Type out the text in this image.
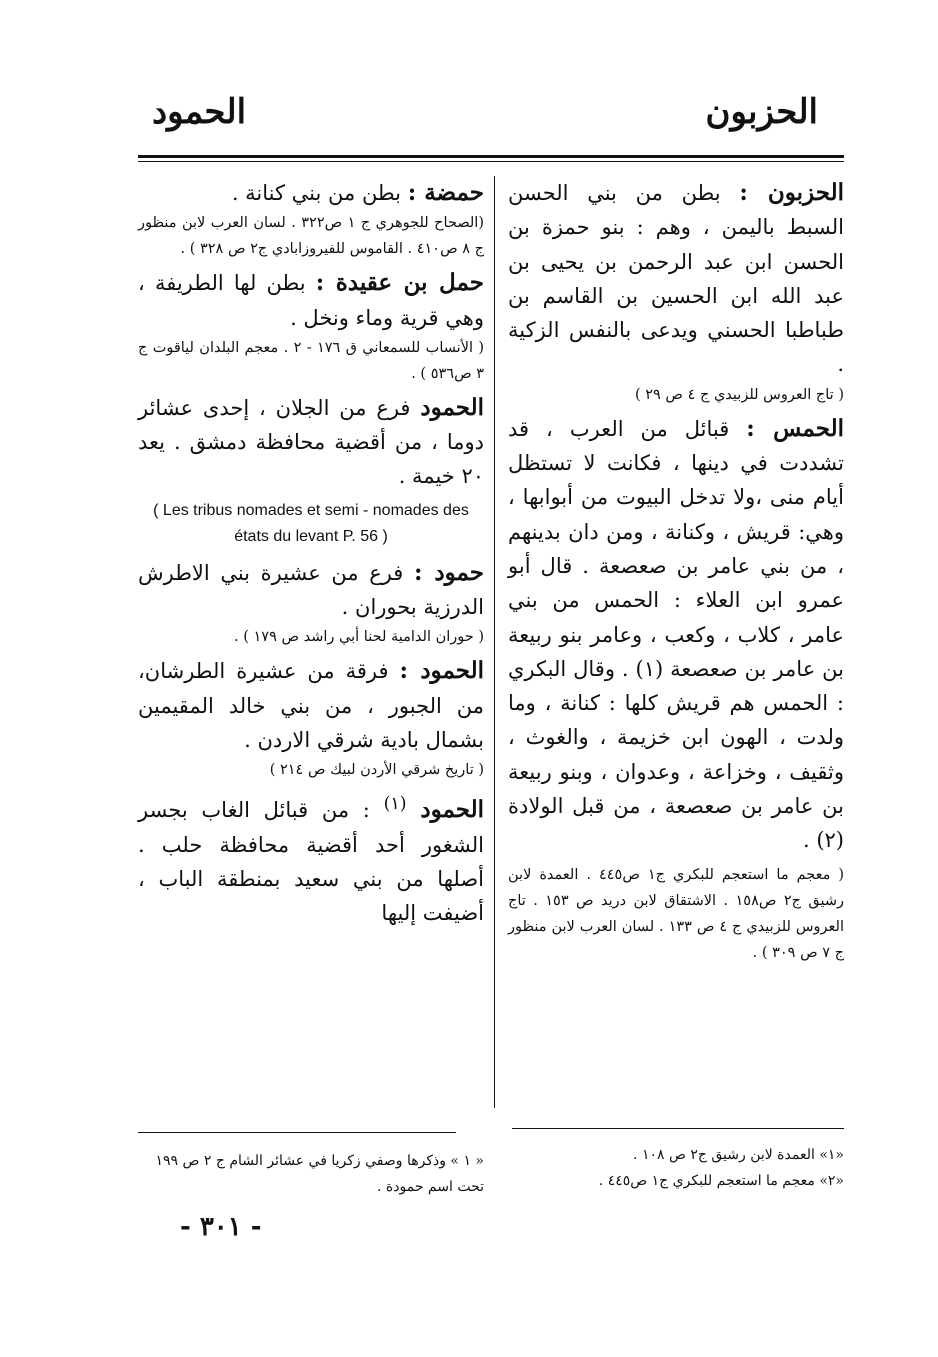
الحزبون
الحمود

الحزبون : بطن من بني الحسن السبط باليمن ، وهم : بنو حمزة بن الحسن ابن عبد الرحمن بن يحيى بن عبد الله ابن الحسين بن القاسم بن طباطبا الحسني ويدعى بالنفس الزكية .

( تاج العروس للزبيدي ج ٤ ص ٢٩ )

الحمس : قبائل من العرب ، قد تشددت في دينها ، فكانت لا تستظل أيام منى ،ولا تدخل البيوت من أبوابها ، وهي: قريش ، وكنانة ، ومن دان بدينهم ، من بني عامر بن صعصعة . قال أبو عمرو ابن العلاء : الحمس من بني عامر ، كلاب ، وكعب ، وعامر بنو ربيعة بن عامر بن صعصعة (١) . وقال البكري : الحمس هم قريش كلها : كنانة ، وما ولدت ، الهون ابن خزيمة ، والغوث ، وثقيف ، وخزاعة ، وعدوان ، وبنو ربيعة بن عامر بن صعصعة ، من قبل الولادة (٢) .

( معجم ما استعجم للبكري ج١ ص٤٤٥ . العمدة لابن رشيق ج٢ ص١٥٨ . الاشتقاق لابن دريد ص ١٥٣ . تاج العروس للزبيدي ج ٤ ص ١٣٣ . لسان العرب لابن منظور ج ٧ ص ٣٠٩ ) .

حمضة : بطن من بني كنانة .

(الصحاح للجوهري ج ١ ص٣٢٢ . لسان العرب لابن منظور ج ٨ ص٤١٠ . القاموس للفيروزابادي ج٢ ص ٣٢٨ ) .

حمل بن عقيدة : بطن لها الطريفة ، وهي قرية وماء ونخل .

( الأنساب للسمعاني ق ١٧٦ - ٢ . معجم البلدان لياقوت ج ٣ ص٥٣٦ ) .

الحمود فرع من الجلان ، إحدى عشائر دوما ، من أقضية محافظة دمشق . يعد ٢٠ خيمة .

( Les tribus nomades et semi - nomades des états du levant P. 56 )

حمود : فرع من عشيرة بني الاطرش الدرزية بحوران .

( حوران الدامية لحنا أبي راشد ص ١٧٩ ) .

الحمود : فرقة من عشيرة الطرشان، من الجبور ، من بني خالد المقيمين بشمال بادية شرقي الاردن .

( تاريخ شرقي الأردن لبيك ص ٢١٤ )

الحمود $^{(١)}$ : من قبائل الغاب بجسر الشغور أحد أقضية محافظة حلب . أصلها من بني سعيد بمنطقة الباب ، أضيفت إليها

«١» العمدة لابن رشيق ج٢ ص ١٠٨ .
«٢» معجم ما استعجم للبكري ج١ ص٤٤٥ .
« ١ » وذكرها وصفي زكريا في عشائر الشام ج ٢ ص ١٩٩ تحت اسم حمودة .
- ٣٠١ -
